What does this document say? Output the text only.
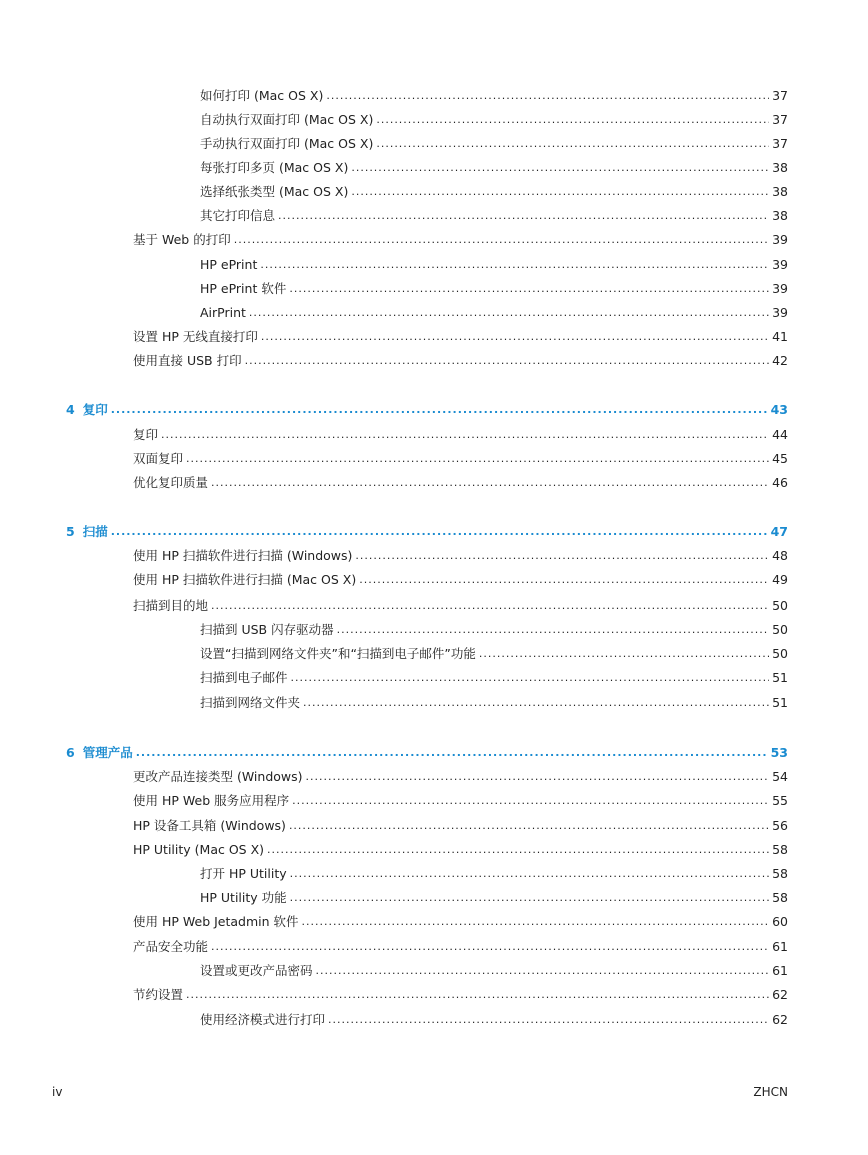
如何打印 (Mac OS X) .....	37
自动执行双面打印 (Mac OS X) .....	37
手动执行双面打印 (Mac OS X) .....	37
每张打印多页 (Mac OS X) .....	38
选择纸张类型 (Mac OS X) .....	38
其它打印信息 .....	38
基于 Web 的打印 .....	39
HP ePrint .....	39
HP ePrint 软件 .....	39
AirPrint .....	39
设置 HP 无线直接打印 .....	41
使用直接 USB 打印 .....	42
4 复印 .....	43
复印 .....	44
双面复印 .....	45
优化复印质量 .....	46
5 扫描 .....	47
使用 HP 扫描软件进行扫描 (Windows) .....	48
使用 HP 扫描软件进行扫描 (Mac OS X) .....	49
扫描到目的地 .....	50
扫描到 USB 闪存驱动器 .....	50
设置“扫描到网络文件夹”和“扫描到电子邮件”功能 .....	50
扫描到电子邮件 .....	51
扫描到网络文件夹 .....	51
6 管理产品 .....	53
更改产品连接类型 (Windows) .....	54
使用 HP Web 服务应用程序 .....	55
HP 设备工具箱 (Windows) .....	56
HP Utility (Mac OS X) .....	58
打开 HP Utility .....	58
HP Utility 功能 .....	58
使用 HP Web Jetadmin 软件 .....	60
产品安全功能 .....	61
设置或更改产品密码 .....	61
节约设置 .....	62
使用经济模式进行打印 .....	62
iv	ZHCN
